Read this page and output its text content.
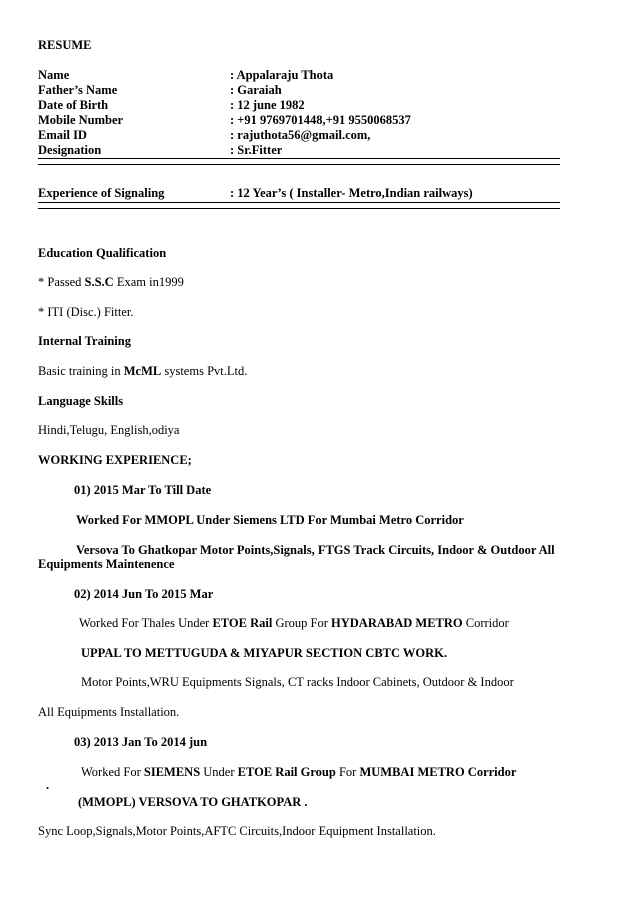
RESUME
Name	: Appalaraju Thota
Father’s Name	: Garaiah
Date of Birth	: 12 june 1982
Mobile Number	: +91 9769701448,+91 9550068537
Email ID	: rajuthota56@gmail.com,
Designation	: Sr.Fitter
Experience of Signaling	: 12 Year’s ( Installer- Metro,Indian railways)
Education Qualification
* Passed S.S.C Exam in1999
* ITI (Disc.) Fitter.
Internal Training
Basic training in McML systems Pvt.Ltd.
Language Skills
Hindi,Telugu, English,odiya
WORKING EXPERIENCE;
01) 2015 Mar To Till Date
Worked For MMOPL Under Siemens LTD For Mumbai Metro Corridor
Versova To Ghatkopar Motor Points,Signals, FTGS Track Circuits, Indoor & Outdoor All
Equipments Maintenence
02) 2014 Jun To 2015 Mar
Worked For Thales Under ETOE Rail Group For HYDARABAD METRO Corridor
UPPAL TO METTUGUDA & MIYAPUR SECTION CBTC WORK.
Motor Points,WRU Equipments Signals, CT racks Indoor Cabinets, Outdoor & Indoor
All Equipments Installation.
03) 2013 Jan To 2014 jun
Worked For SIEMENS Under ETOE Rail Group For MUMBAI METRO Corridor
.
(MMOPL) VERSOVA TO GHATKOPAR .
Sync Loop,Signals,Motor Points,AFTC Circuits,Indoor Equipment Installation.
